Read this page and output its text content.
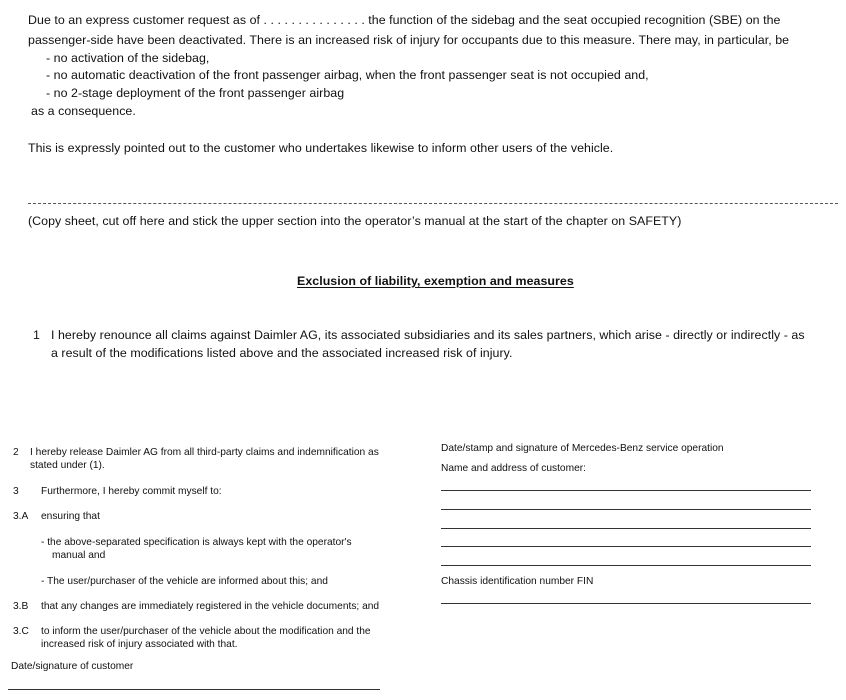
Due to an express customer request as of . . . . . . . . . . . . . . . the function of the sidebag and the seat occupied recognition (SBE) on the
passenger-side have been deactivated. There is an increased risk of injury for occupants due to this measure. There may, in particular, be
- no activation of the sidebag,
- no automatic deactivation of the front passenger airbag, when the front passenger seat is not occupied and,
- no 2-stage deployment of the front passenger airbag
as a consequence.
This is expressly pointed out to the customer who undertakes likewise to inform other users of the vehicle.
(Copy sheet, cut off here and stick the upper section into the operator’s manual at the start of the chapter on SAFETY)
Exclusion of liability, exemption and measures
1 I hereby renounce all claims against Daimler AG, its associated subsidiaries and its sales partners, which arise - directly or indirectly - as
a result of the modifications listed above and the associated increased risk of injury.
2 I hereby release Daimler AG from all third-party claims and indemnification as
stated under (1).
3 Furthermore, I hereby commit myself to:
3.A ensuring that
- the above-separated specification is always kept with the operator's
manual and
- The user/purchaser of the vehicle are informed about this; and
3.B that any changes are immediately registered in the vehicle documents; and
3.C to inform the user/purchaser of the vehicle about the modification and the
increased risk of injury associated with that.
Date/signature of customer
Date/stamp and signature of Mercedes-Benz service operation
Name and address of customer:
Chassis identification number FIN
